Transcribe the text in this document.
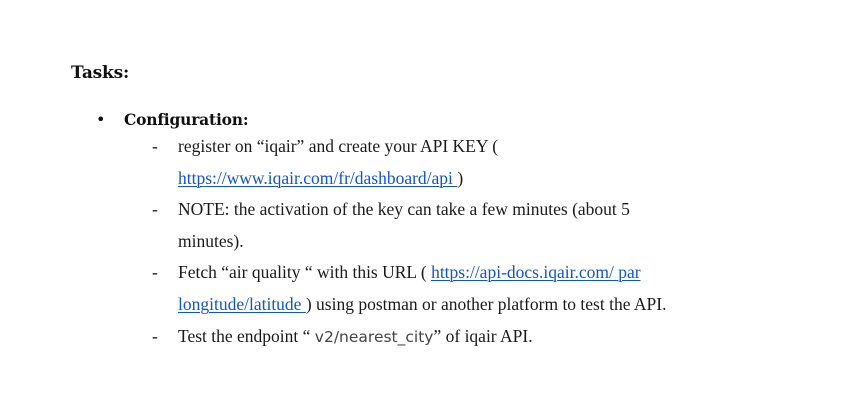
Tasks:
•	Configuration:
- register on “iqair” and create your API KEY (
https://www.iqair.com/fr/dashboard/api )
- NOTE: the activation of the key can take a few minutes (about 5
minutes).
- Fetch “air quality “ with this URL ( https://api-docs.iqair.com/ par
longitude/latitude ) using postman or another platform to test the API.
- Test the endpoint “ v2/nearest_city” of iqair API.
